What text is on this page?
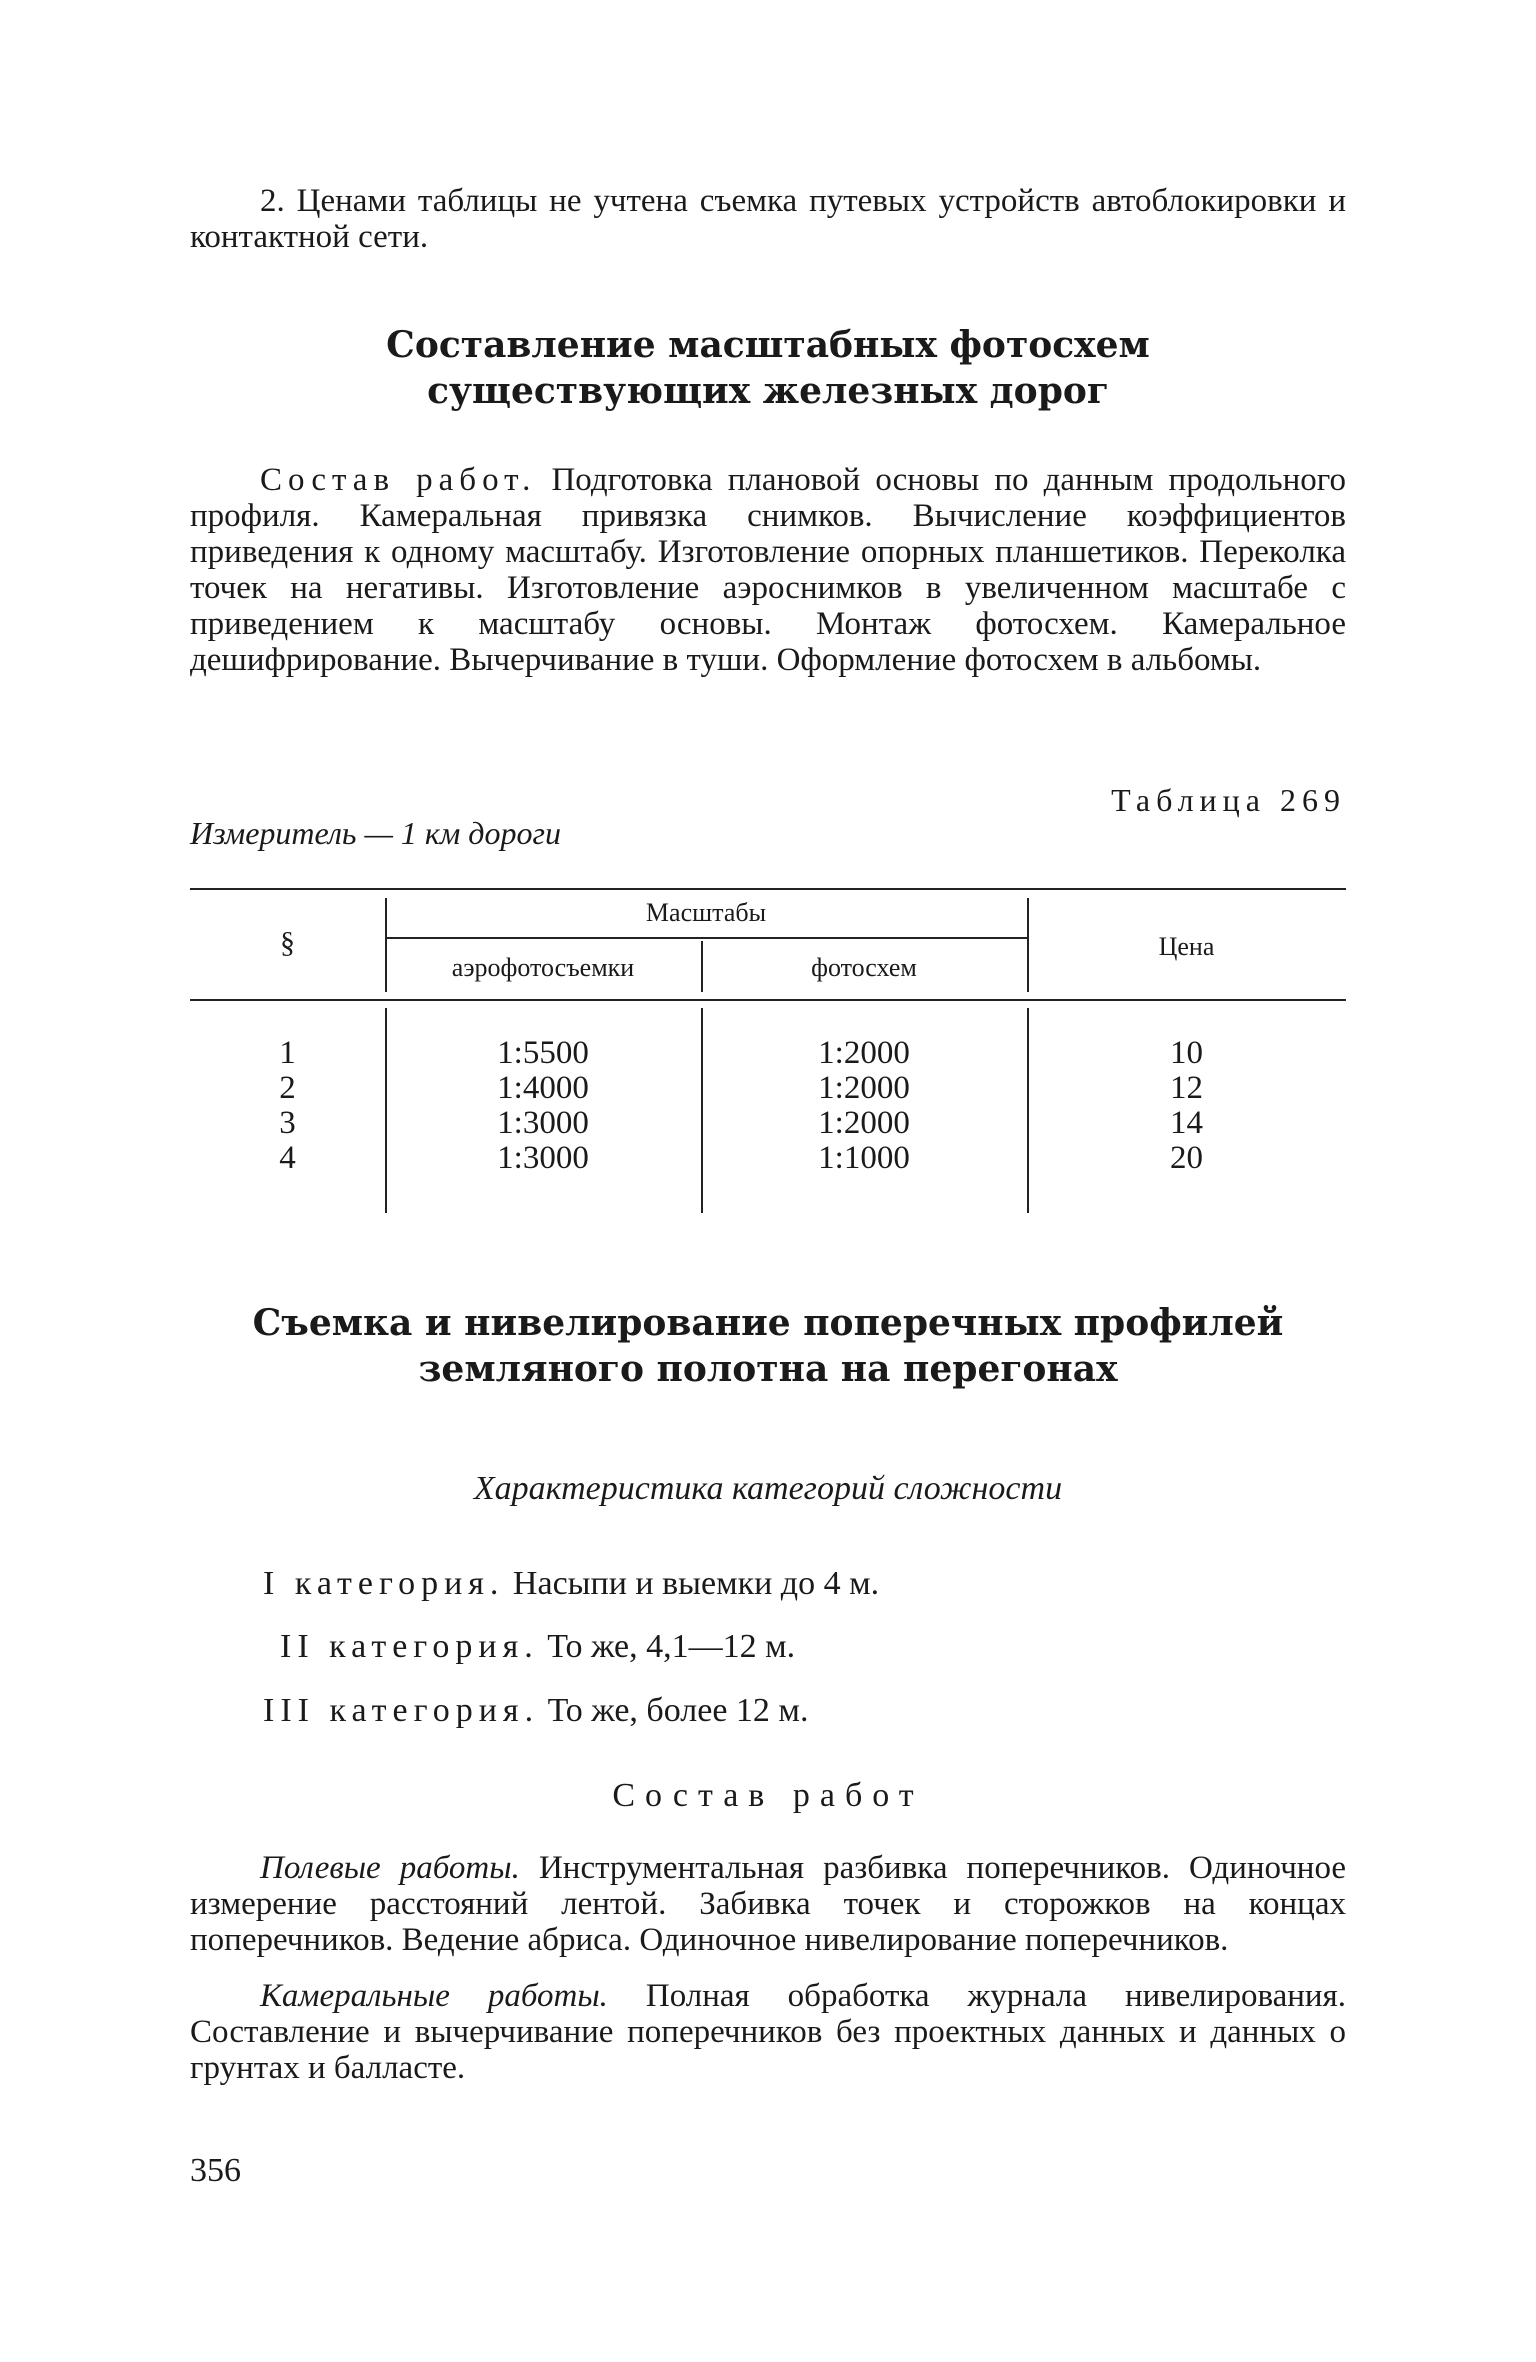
2. Ценами таблицы не учтена съемка путевых устройств автоблокировки и контактной сети.

Составление масштабных фотосхем

существующих железных дорог

Состав работ. Подготовка плановой основы по данным продольного профиля. Камеральная привязка снимков. Вычисление коэффициентов приведения к одному масштабу. Изготовление опорных планшетиков. Переколка точек на негативы. Изготовление аэроснимков в увеличенном масштабе с приведением к масштабу основы. Монтаж фотосхем. Камеральное дешифрирование. Вычерчивание в туши. Оформление фотосхем в альбомы.

Измеритель — 1 км дороги
Таблица 269
§
Масштабы
аэрофотосъемки	фотосхем
Цена
1
2
3
4
1:5500
1:4000
1:3000
1:3000
1:2000
1:2000
1:2000
1:1000
10
12
14
20

Съемка и нивелирование поперечных профилей

земляного полотна на перегонах

Характеристика категорий сложности
I категория. Насыпи и выемки до 4 м.
II категория. То же, 4,1—12 м.
III категория. То же, более 12 м.
Состав работ

Полевые работы. Инструментальная разбивка поперечников. Одиночное измерение расстояний лентой. Забивка точек и сторожков на концах поперечников. Ведение абриса. Одиночное нивелирование поперечников.

Камеральные работы. Полная обработка журнала нивелирования. Составление и вычерчивание поперечников без проектных данных и данных о грунтах и балласте.

356
